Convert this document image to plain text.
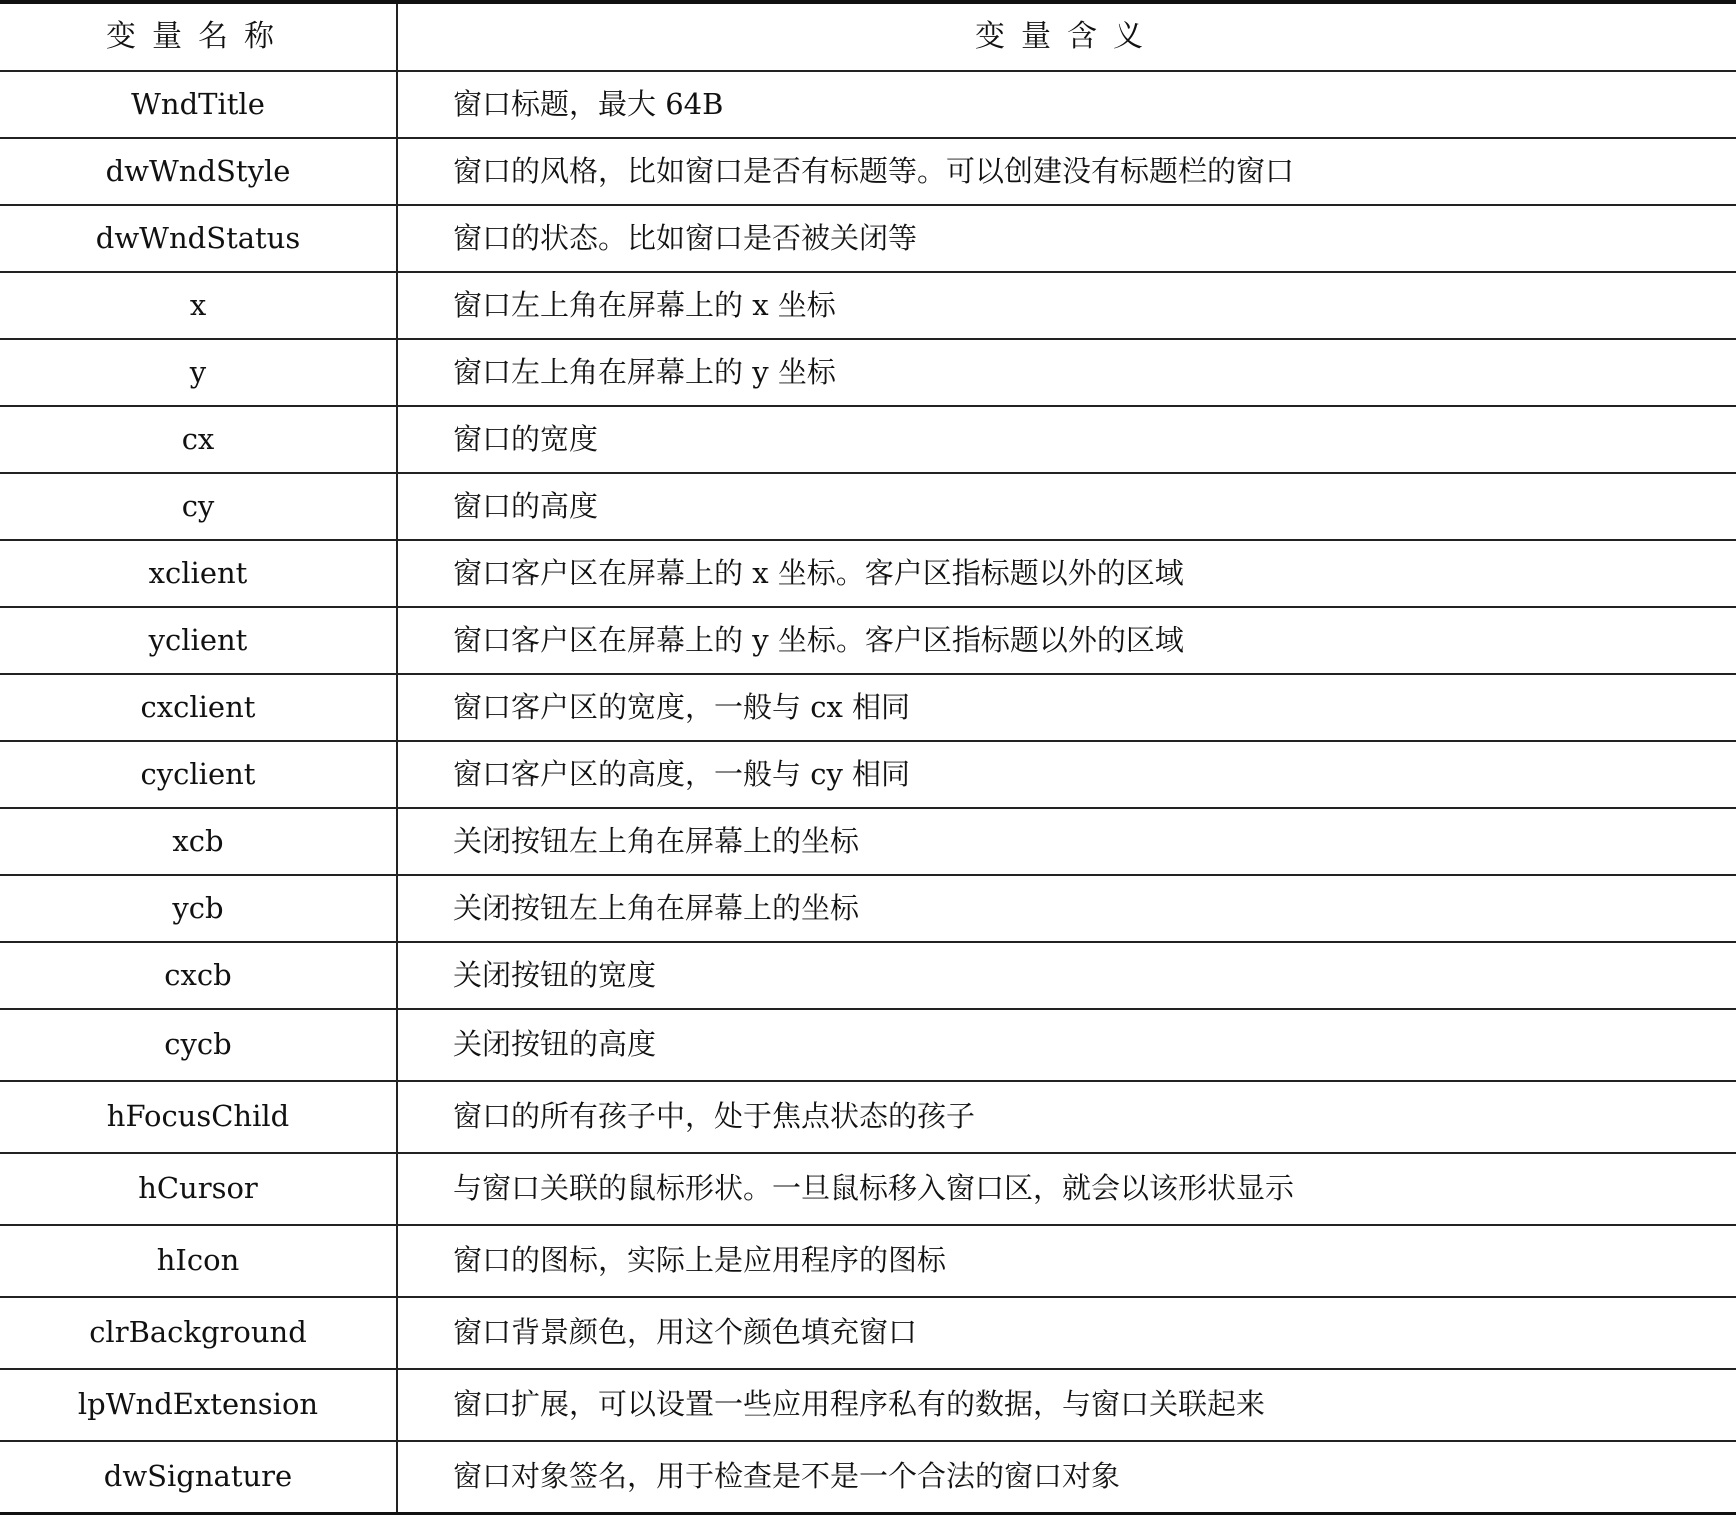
变量名称	变量含义
WndTitle	窗口标题，最大 64B
dwWndStyle	窗口的风格，比如窗口是否有标题等。可以创建没有标题栏的窗口
dwWndStatus	窗口的状态。比如窗口是否被关闭等
x	窗口左上角在屏幕上的 x 坐标
y	窗口左上角在屏幕上的 y 坐标
cx	窗口的宽度
cy	窗口的高度
xclient	窗口客户区在屏幕上的 x 坐标。客户区指标题以外的区域
yclient	窗口客户区在屏幕上的 y 坐标。客户区指标题以外的区域
cxclient	窗口客户区的宽度，一般与 cx 相同
cyclient	窗口客户区的高度，一般与 cy 相同
xcb	关闭按钮左上角在屏幕上的坐标
ycb	关闭按钮左上角在屏幕上的坐标
cxcb	关闭按钮的宽度
cycb	关闭按钮的高度
hFocusChild	窗口的所有孩子中，处于焦点状态的孩子
hCursor	与窗口关联的鼠标形状。一旦鼠标移入窗口区，就会以该形状显示
hIcon	窗口的图标，实际上是应用程序的图标
clrBackground	窗口背景颜色，用这个颜色填充窗口
lpWndExtension	窗口扩展，可以设置一些应用程序私有的数据，与窗口关联起来
dwSignature	窗口对象签名，用于检查是不是一个合法的窗口对象
